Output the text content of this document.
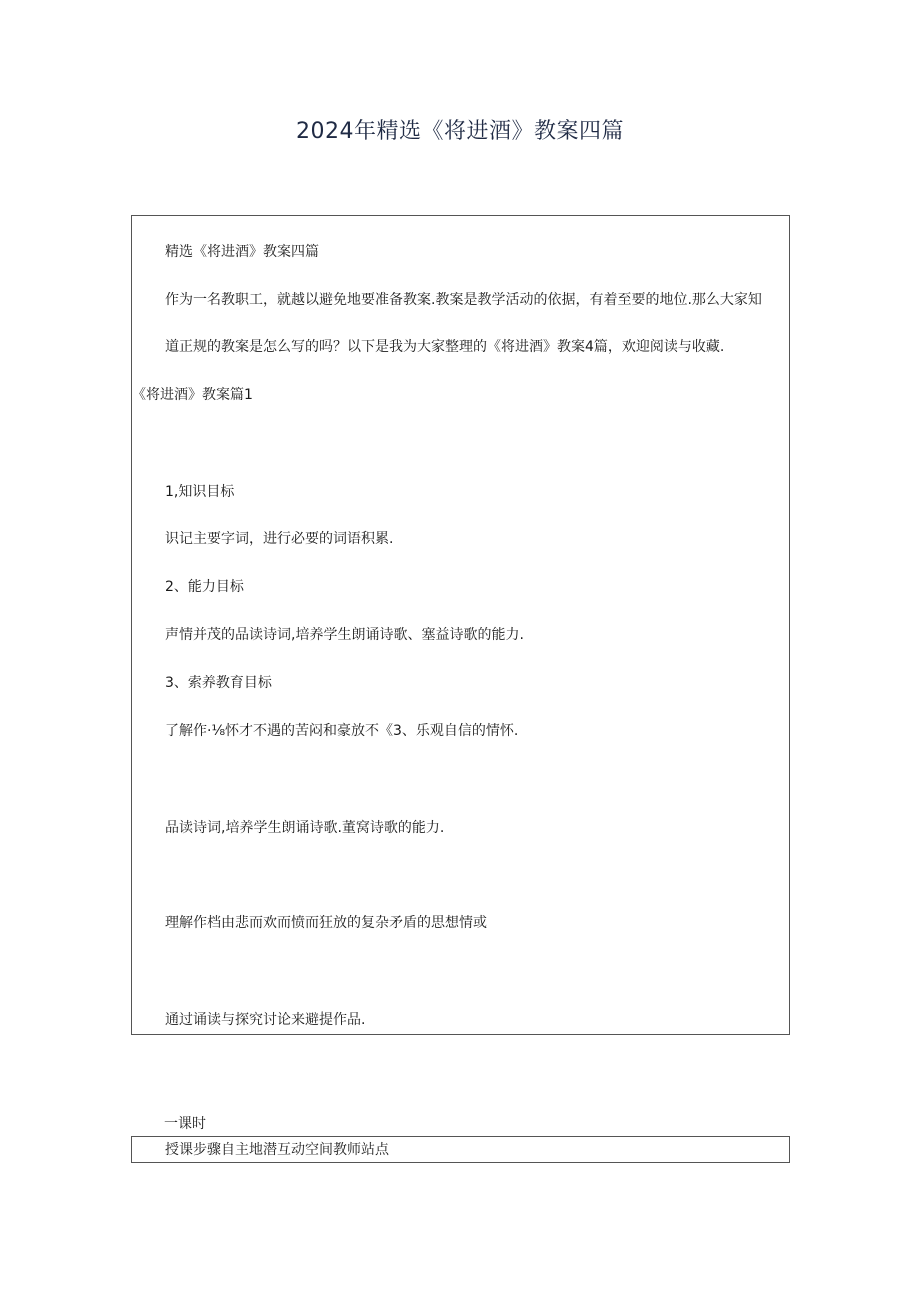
2024年精选《将进酒》教案四篇
精选《将进酒》教案四篇
作为一名教职工，就越以避免地要准备教案.教案是教学活动的依据，有着至要的地位.那么大家知
道正规的教案是怎么写的吗？以下是我为大家整理的《将进酒》教案4篇，欢迎阅读与收藏.
《将进酒》教案篇1
1,知识目标
识记主要字词，进行必要的词语积累.
2、能力目标
声情并茂的品读诗词,培养学生朗诵诗歌、塞益诗歌的能力.
3、索养教育目标
了解作·⅛怀才不遇的苦闷和豪放不《3、乐观自信的情怀.
品读诗词,培养学生朗诵诗歌.董窝诗歌的能力.
理解作档由悲而欢而愤而狂放的复杂矛盾的思想情或
通过诵读与探究讨论来避提作品.
一课时
授课步骤自主地潜互动空间教师站点
